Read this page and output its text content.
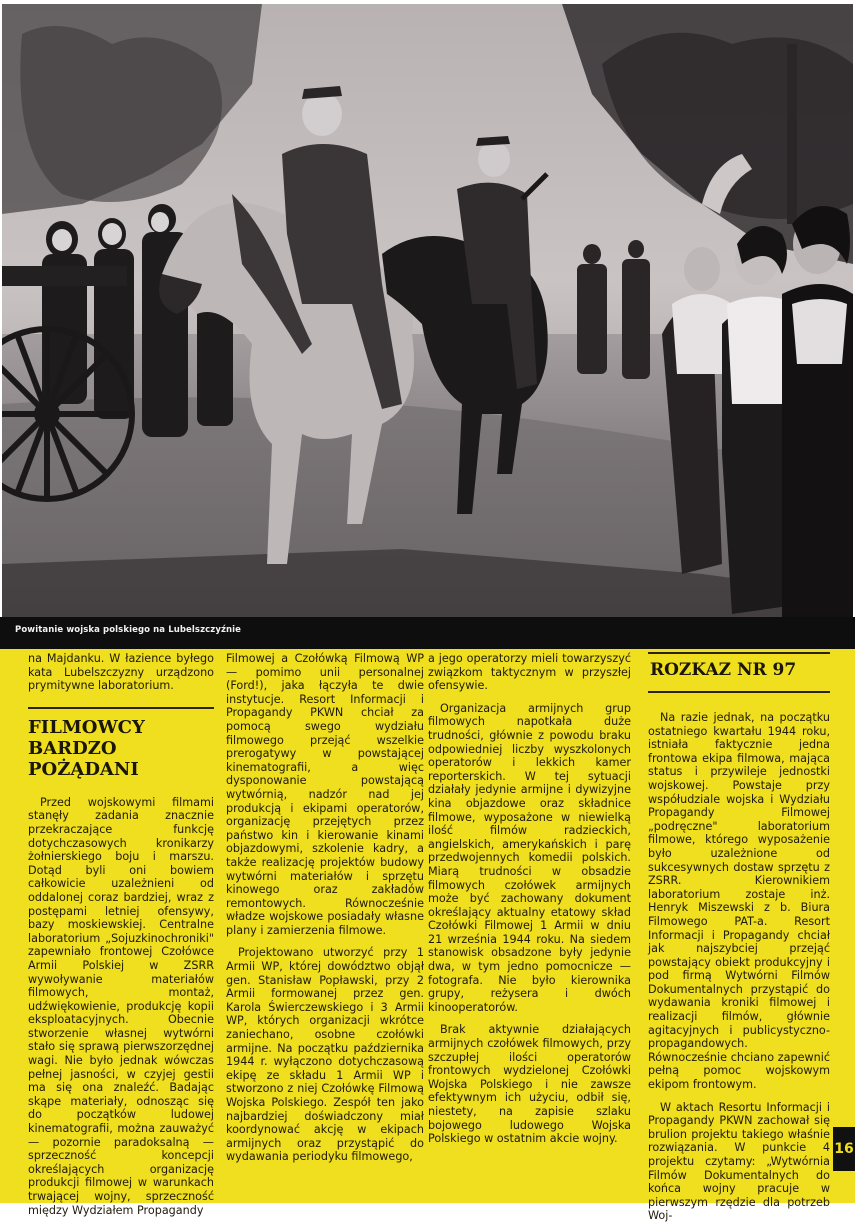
Powitanie wojska polskiego na Lubelszczyźnie

na Majdanku. W łazience byłego kata Lubelszczyzny urządzono prymitywne laboratorium.

FILMOWCY BARDZO POŻĄDANI

Przed wojskowymi filmami stanęły zadania znacznie przekraczające funkcję dotychczasowych kronikarzy żołnierskiego boju i marszu. Dotąd byli oni bowiem całkowicie uzależnieni od oddalonej coraz bardziej, wraz z postępami letniej ofensywy, bazy moskiewskiej. Centralne laboratorium „Sojuzkinochroniki" zapewniało frontowej Czołówce Armii Polskiej w ZSRR wywoływanie materiałów filmowych, montaż, udźwiękowienie, produkcję kopii eksploatacyjnych. Obecnie stworzenie własnej wytwórni stało się sprawą pierwszorzędnej wagi. Nie było jednak wówczas pełnej jasności, w czyjej gestii ma się ona znaleźć. Badając skąpe materiały, odnosząc się do początków ludowej kinematografii, można zauważyć — pozornie paradoksalną — sprzeczność koncepcji określających organizację produkcji filmowej w warunkach trwającej wojny, sprzeczność między Wydziałem Propagandy

Filmowej a Czołówką Filmową WP — pomimo unii personalnej (Ford!), jaka łączyła te dwie instytucje. Resort Informacji i Propagandy PKWN chciał za pomocą swego wydziału filmowego przejąć wszelkie prerogatywy w powstającej kinematografii, a więc dysponowanie powstającą wytwórnią, nadzór nad jej produkcją i ekipami operatorów, organizację przejętych przez państwo kin i kierowanie kinami objazdowymi, szkolenie kadry, a także realizację projektów budowy wytwórni materiałów i sprzętu kinowego oraz zakładów remontowych. Równocześnie władze wojskowe posiadały własne plany i zamierzenia filmowe.

Projektowano utworzyć przy 1 Armii WP, której dowództwo objął gen. Stanisław Popławski, przy 2 Armii formowanej przez gen. Karola Świerczewskiego i 3 Armii WP, których organizacji wkrótce zaniechano, osobne czołówki armijne. Na początku października 1944 r. wyłączono dotychczasową ekipę ze składu 1 Armii WP i stworzono z niej Czołówkę Filmową Wojska Polskiego. Zespół ten jako najbardziej doświadczony miał koordynować akcję w ekipach armijnych oraz przystąpić do wydawania periodyku filmowego,

a jego operatorzy mieli towarzyszyć związkom taktycznym w przyszłej ofensywie.

Organizacja armijnych grup filmowych napotkała duże trudności, głównie z powodu braku odpowiedniej liczby wyszkolonych operatorów i lekkich kamer reporterskich. W tej sytuacji działały jedynie armijne i dywizyjne kina objazdowe oraz składnice filmowe, wyposażone w niewielką ilość filmów radzieckich, angielskich, amerykańskich i parę przedwojennych komedii polskich. Miarą trudności w obsadzie filmowych czołówek armijnych może być zachowany dokument określający aktualny etatowy skład Czołówki Filmowej 1 Armii w dniu 21 września 1944 roku. Na siedem stanowisk obsadzone były jedynie dwa, w tym jedno pomocnicze — fotografa. Nie było kierownika grupy, reżysera i dwóch kinooperatorów.

Brak aktywnie działających armijnych czołówek filmowych, przy szczupłej ilości operatorów frontowych wydzielonej Czołówki Wojska Polskiego i nie zawsze efektywnym ich użyciu, odbił się, niestety, na zapisie szlaku bojowego ludowego Wojska Polskiego w ostatnim akcie wojny.

ROZKAZ NR 97

Na razie jednak, na początku ostatniego kwartału 1944 roku, istniała faktycznie jedna frontowa ekipa filmowa, mająca status i przywileje jednostki wojskowej. Powstaje przy współudziale wojska i Wydziału Propagandy Filmowej „podręczne" laboratorium filmowe, którego wyposażenie było uzależnione od sukcesywnych dostaw sprzętu z ZSRR. Kierownikiem laboratorium zostaje inż. Henryk Miszewski z b. Biura Filmowego PAT-a. Resort Informacji i Propagandy chciał jak najszybciej przejąć powstający obiekt produkcyjny i pod firmą Wytwórni Filmów Dokumentalnych przystąpić do wydawania kroniki filmowej i realizacji filmów, głównie agitacyjnych i publicystyczno-propagandowych. Równocześnie chciano zapewnić pełną pomoc wojskowym ekipom frontowym.

W aktach Resortu Informacji i Propagandy PKWN zachował się brulion projektu takiego właśnie rozwiązania. W punkcie 4 projektu czytamy: „Wytwórnia Filmów Dokumentalnych do końca wojny pracuje w pierwszym rzędzie dla potrzeb Woj-

16
